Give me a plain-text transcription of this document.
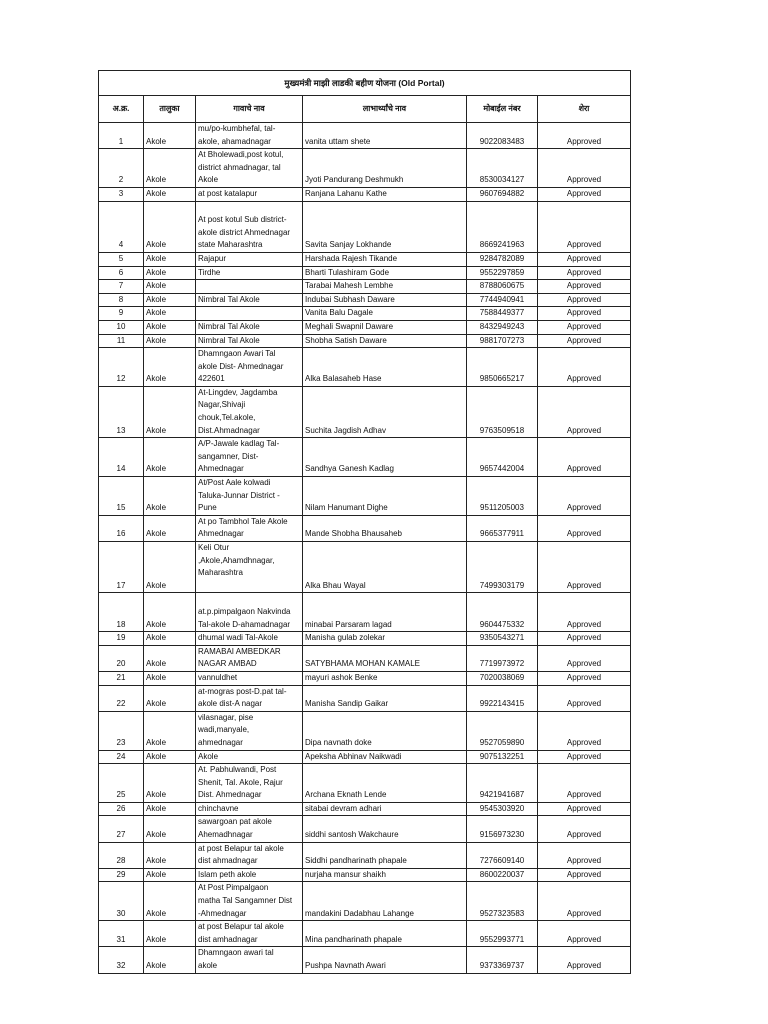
मुख्यमंत्री माझी लाडकी बहीण योजना (Old Portal)					
अ.क्र.	तालुका	गावाचे नाव	लाभार्थ्यांचे नाव	मोबाईल नंबर	शेरा
1	Akole	mu/po-kumbhefal, tal-
akole, ahamadnagar	vanita uttam shete	9022083483	Approved
2	Akole	At Bholewadi,post kotul,
district ahmadnagar, tal
Akole	Jyoti Pandurang Deshmukh	8530034127	Approved
3	Akole	at post katalapur	Ranjana Lahanu Kathe	9607694882	Approved
4	Akole	At post kotul Sub district-
akole district Ahmednagar
state Maharashtra	Savita Sanjay Lokhande	8669241963	Approved
5	Akole	Rajapur	Harshada Rajesh Tikande	9284782089	Approved
6	Akole	Tirdhe	Bharti Tulashiram Gode	9552297859	Approved
7	Akole		Tarabai Mahesh Lembhe	8788060675	Approved
8	Akole	Nimbral Tal Akole	Indubai Subhash Daware	7744940941	Approved
9	Akole		Vanita Balu Dagale	7588449377	Approved
10	Akole	Nimbral Tal Akole	Meghali Swapnil Daware	8432949243	Approved
11	Akole	Nimbral Tal Akole	Shobha Satish Daware	9881707273	Approved
12	Akole	Dhamngaon Awari Tal
akole Dist- Ahmednagar
422601	Alka Balasaheb Hase	9850665217	Approved
13	Akole	At-Lingdev, Jagdamba
Nagar,Shivaji
chouk,Tel.akole,
Dist.Ahmadnagar	Suchita Jagdish Adhav	9763509518	Approved
14	Akole	A/P-Jawale kadlag Tal-
sangamner, Dist-
Ahmednagar	Sandhya Ganesh Kadlag	9657442004	Approved
15	Akole	At/Post Aale kolwadi
Taluka-Junnar District -
Pune	Nilam Hanumant Dighe	9511205003	Approved
16	Akole	At po Tambhol Tale Akole
Ahmednagar	Mande Shobha Bhausaheb	9665377911	Approved
17	Akole	Keli Otur
,Akole,Ahamdhnagar,
Maharashtra	Alka Bhau Wayal	7499303179	Approved
18	Akole	at.p.pimpalgaon Nakvinda
Tal-akole D-ahamadnagar	minabai Parsaram lagad	9604475332	Approved
19	Akole	dhumal wadi Tal-Akole	Manisha gulab zolekar	9350543271	Approved
20	Akole	RAMABAI AMBEDKAR
NAGAR AMBAD	SATYBHAMA MOHAN KAMALE	7719973972	Approved
21	Akole	vannuldhet	mayuri ashok Benke	7020038069	Approved
22	Akole	at-mogras post-D.pat tal-
akole dist-A nagar	Manisha Sandip Gaikar	9922143415	Approved
23	Akole	vilasnagar, pise
wadi,manyale,
ahmednagar	Dipa navnath doke	9527059890	Approved
24	Akole	Akole	Apeksha Abhinav Naikwadi	9075132251	Approved
25	Akole	At. Pabhulwandi, Post
Shenit, Tal. Akole, Rajur
Dist. Ahmednagar	Archana Eknath Lende	9421941687	Approved
26	Akole	chinchavne	sitabai devram adhari	9545303920	Approved
27	Akole	sawargoan pat akole
Ahemadhnagar	siddhi santosh Wakchaure	9156973230	Approved
28	Akole	at post Belapur tal akole
dist ahmadnagar	Siddhi pandharinath phapale	7276609140	Approved
29	Akole	Islam peth akole	nurjaha mansur shaikh	8600220037	Approved
30	Akole	At Post Pimpalgaon
matha Tal Sangamner Dist
-Ahmednagar	mandakini Dadabhau Lahange	9527323583	Approved
31	Akole	at post Belapur tal akole
dist amhadnagar	Mina pandharinath phapale	9552993771	Approved
32	Akole	Dhamngaon awari tal
akole	Pushpa Navnath Awari	9373369737	Approved
